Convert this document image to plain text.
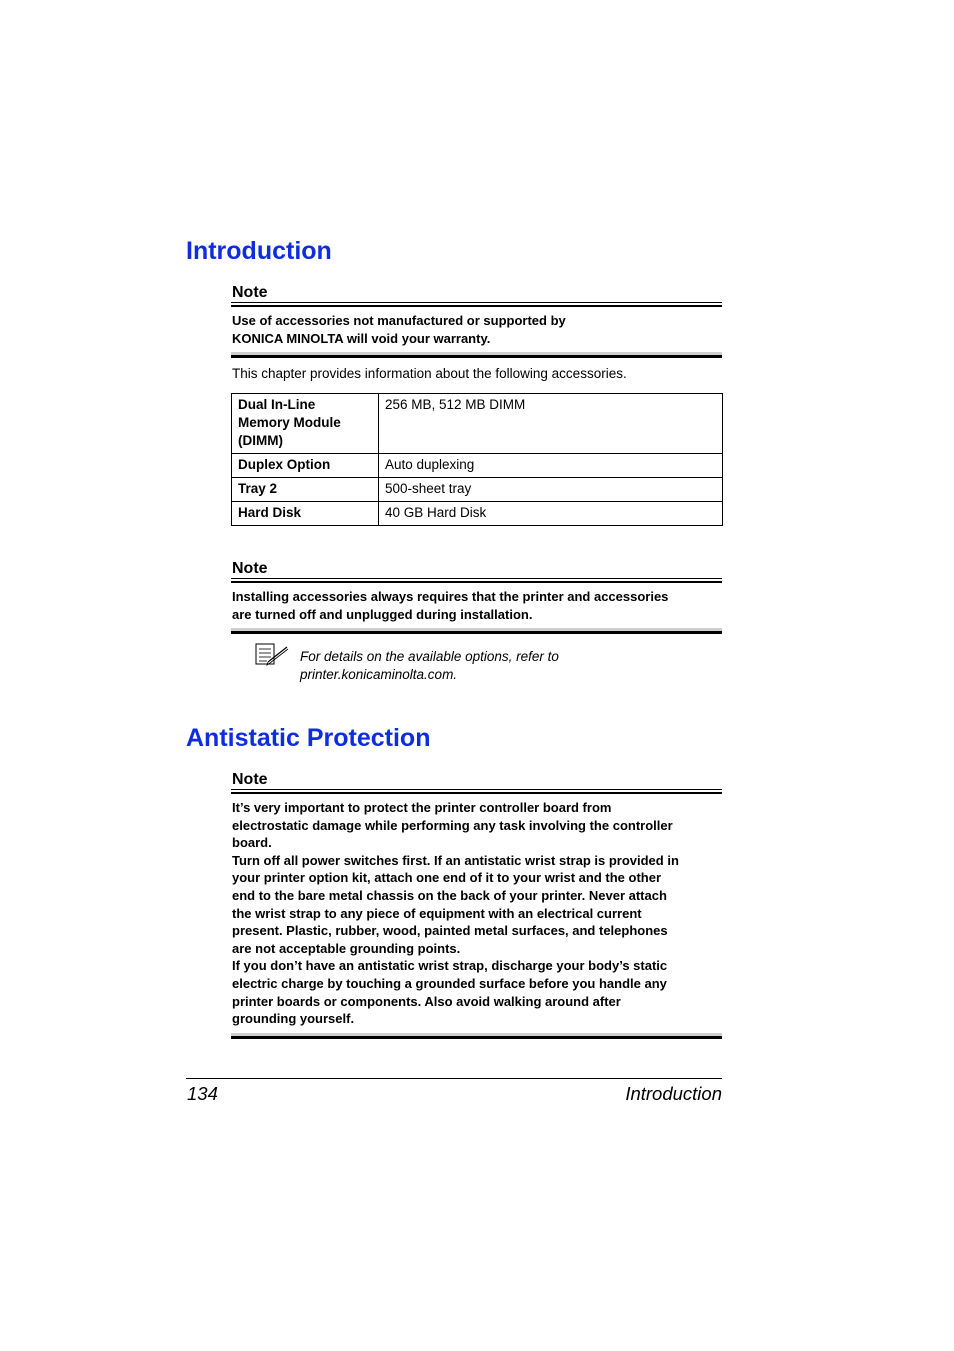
Introduction
Note
Use of accessories not manufactured or supported by
KONICA MINOLTA will void your warranty.
This chapter provides information about the following accessories.
Dual In-Line
Memory Module
(DIMM)	256 MB, 512 MB DIMM
Duplex Option	Auto duplexing
Tray 2	500-sheet tray
Hard Disk	40 GB Hard Disk
Note
Installing accessories always requires that the printer and accessories
are turned off and unplugged during installation.
For details on the available options, refer to
printer.konicaminolta.com.
Antistatic Protection
Note
It’s very important to protect the printer controller board from
electrostatic damage while performing any task involving the controller
board.
Turn off all power switches first. If an antistatic wrist strap is provided in
your printer option kit, attach one end of it to your wrist and the other
end to the bare metal chassis on the back of your printer. Never attach
the wrist strap to any piece of equipment with an electrical current
present. Plastic, rubber, wood, painted metal surfaces, and telephones
are not acceptable grounding points.
If you don’t have an antistatic wrist strap, discharge your body’s static
electric charge by touching a grounded surface before you handle any
printer boards or components. Also avoid walking around after
grounding yourself.
134	Introduction
